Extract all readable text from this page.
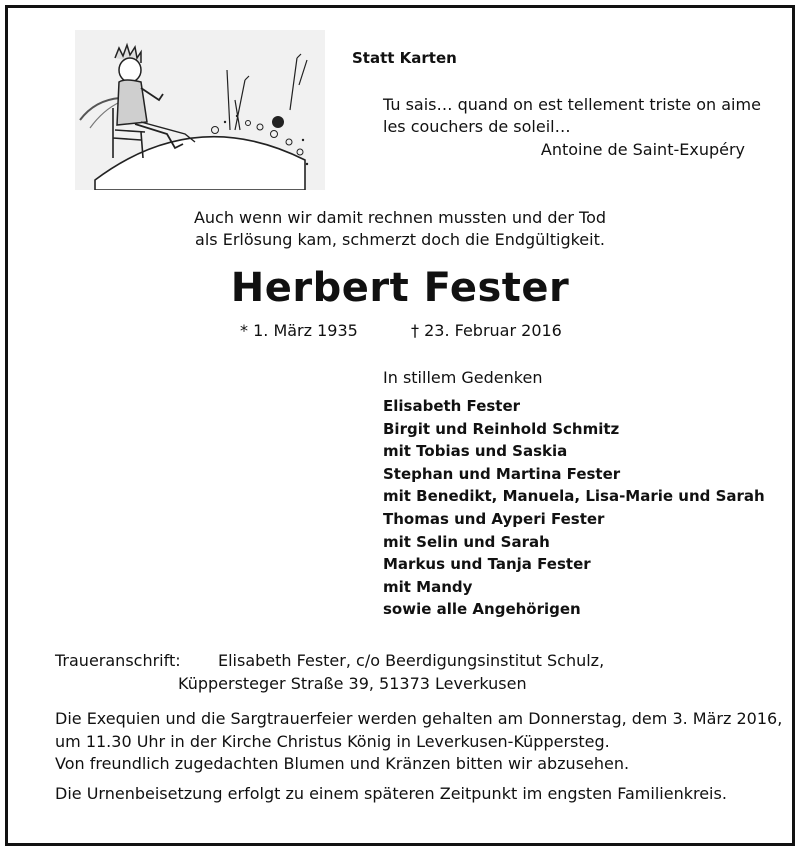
Statt Karten
Tu sais… quand on est tellement triste on aime
les couchers de soleil…
Antoine de Saint-Exupéry
Auch wenn wir damit rechnen mussten und der Tod
als Erlösung kam, schmerzt doch die Endgültigkeit.
Herbert Fester
* 1. März 1935	† 23. Februar 2016
In stillem Gedenken
Elisabeth Fester
Birgit und Reinhold Schmitz
mit Tobias und Saskia
Stephan und Martina Fester
mit Benedikt, Manuela, Lisa-Marie und Sarah
Thomas und Ayperi Fester
mit Selin und Sarah
Markus und Tanja Fester
mit Mandy
sowie alle Angehörigen
Traueranschrift: Elisabeth Fester, c/o Beerdigungsinstitut Schulz,
Küppersteger Straße 39, 51373 Leverkusen
Die Exequien und die Sargtrauerfeier werden gehalten am Donnerstag, dem 3. März 2016,
um 11.30 Uhr in der Kirche Christus König in Leverkusen-Küppersteg.
Von freundlich zugedachten Blumen und Kränzen bitten wir abzusehen.
Die Urnenbeisetzung erfolgt zu einem späteren Zeitpunkt im engsten Familienkreis.
